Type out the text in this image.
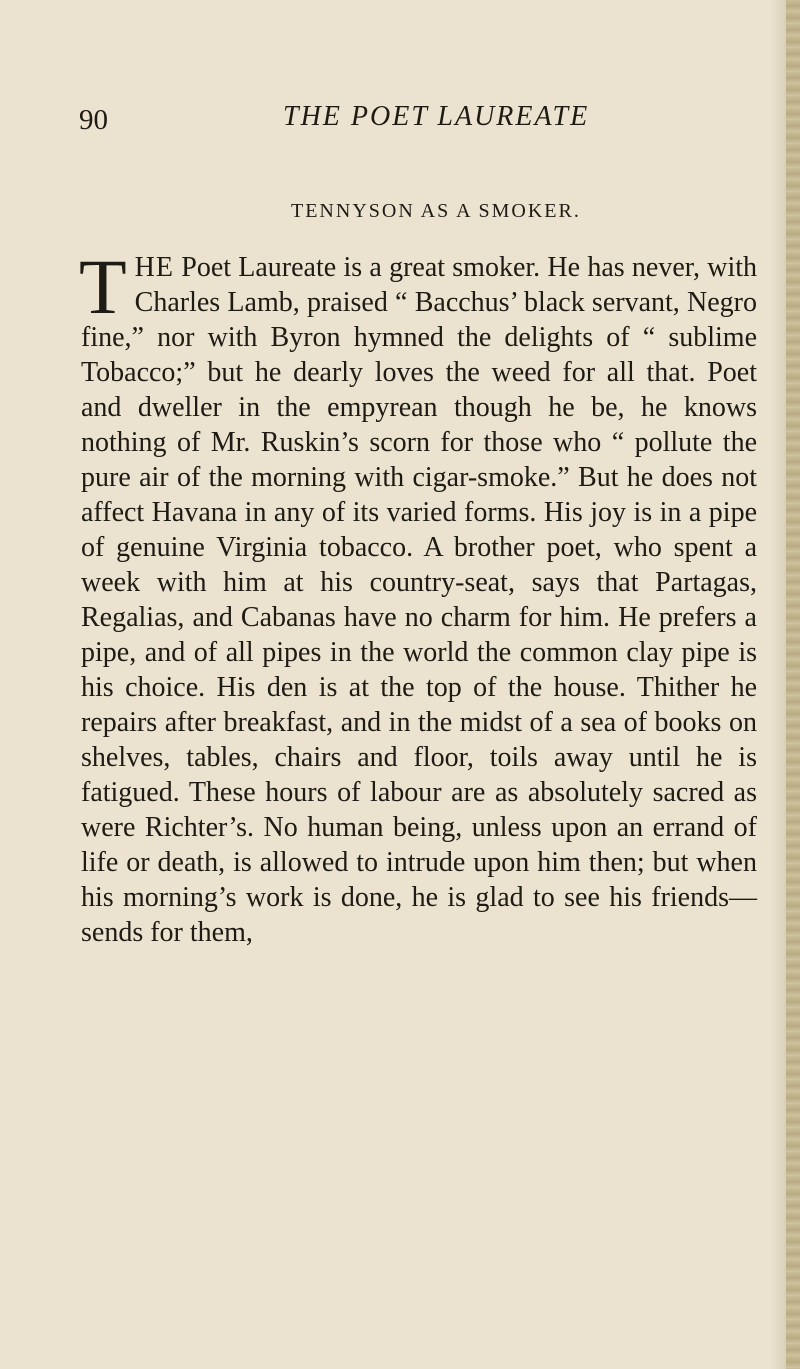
90	THE POET LAUREATE
TENNYSON AS A SMOKER.
THE Poet Laureate is a great smoker. He has never, with Charles Lamb, praised “ Bacchus’ black servant, Negro fine,” nor with Byron hymned the delights of “ sublime Tobacco;” but he dearly loves the weed for all that. Poet and dweller in the empyrean though he be, he knows nothing of Mr. Ruskin’s scorn for those who “ pollute the pure air of the morning with cigar-smoke.” But he does not affect Havana in any of its varied forms. His joy is in a pipe of genuine Virginia tobacco. A brother poet, who spent a week with him at his country-seat, says that Partagas, Regalias, and Cabanas have no charm for him. He prefers a pipe, and of all pipes in the world the common clay pipe is his choice. His den is at the top of the house. Thither he repairs after breakfast, and in the midst of a sea of books on shelves, tables, chairs and floor, toils away until he is fatigued. These hours of labour are as absolutely sacred as were Richter’s. No human being, unless upon an errand of life or death, is allowed to intrude upon him then; but when his morning’s work is done, he is glad to see his friends—sends for them,
